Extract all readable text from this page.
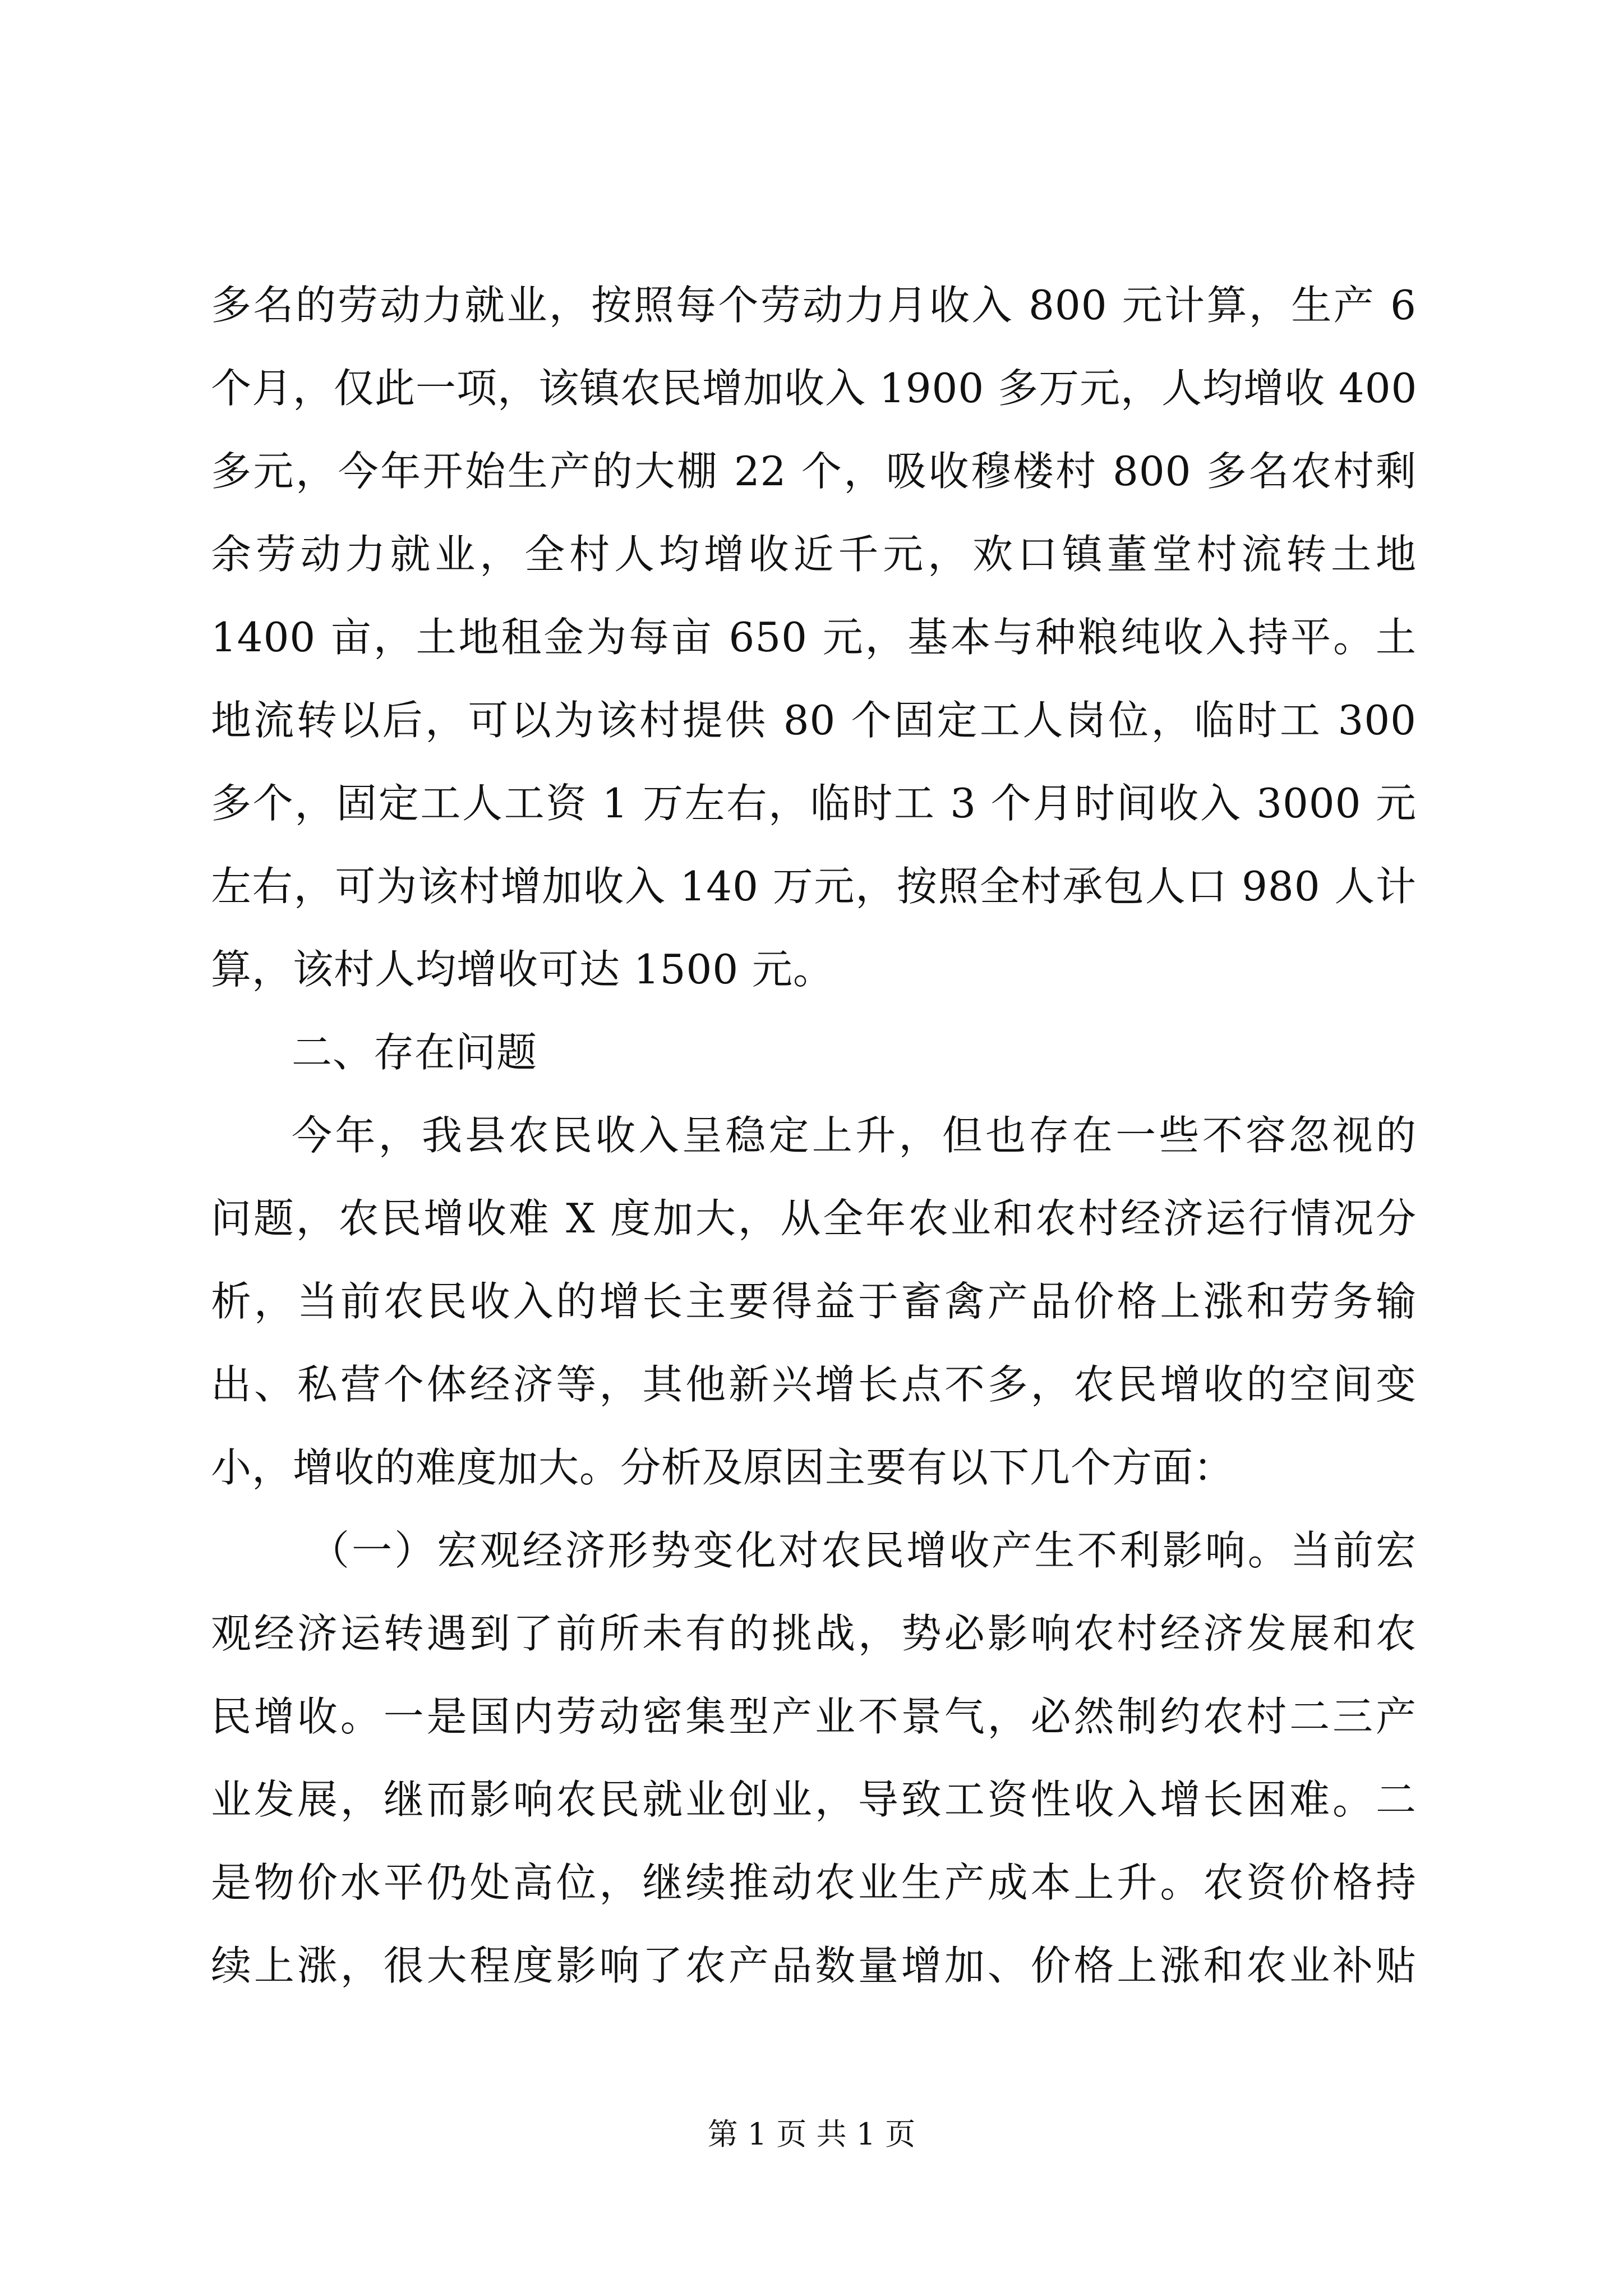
多名的劳动力就业，按照每个劳动力月收入 800 元计算，生产 6
个月，仅此一项，该镇农民增加收入 1900 多万元，人均增收 400
多元，今年开始生产的大棚 22 个，吸收穆楼村 800 多名农村剩
余劳动力就业，全村人均增收近千元，欢口镇董堂村流转土地
1400 亩，土地租金为每亩 650 元，基本与种粮纯收入持平。土
地流转以后，可以为该村提供 80 个固定工人岗位，临时工 300
多个，固定工人工资 1 万左右，临时工 3 个月时间收入 3000 元
左右，可为该村增加收入 140 万元，按照全村承包人口 980 人计
算，该村人均增收可达 1500 元。
二、存在问题
今年，我县农民收入呈稳定上升，但也存在一些不容忽视的
问题，农民增收难 X 度加大，从全年农业和农村经济运行情况分
析，当前农民收入的增长主要得益于畜禽产品价格上涨和劳务输
出、私营个体经济等，其他新兴增长点不多，农民增收的空间变
小，增收的难度加大。分析及原因主要有以下几个方面：
（一）宏观经济形势变化对农民增收产生不利影响。当前宏
观经济运转遇到了前所未有的挑战，势必影响农村经济发展和农
民增收。一是国内劳动密集型产业不景气，必然制约农村二三产
业发展，继而影响农民就业创业，导致工资性收入增长困难。二
是物价水平仍处高位，继续推动农业生产成本上升。农资价格持
续上涨，很大程度影响了农产品数量增加、价格上涨和农业补贴
第 1 页 共 1 页
